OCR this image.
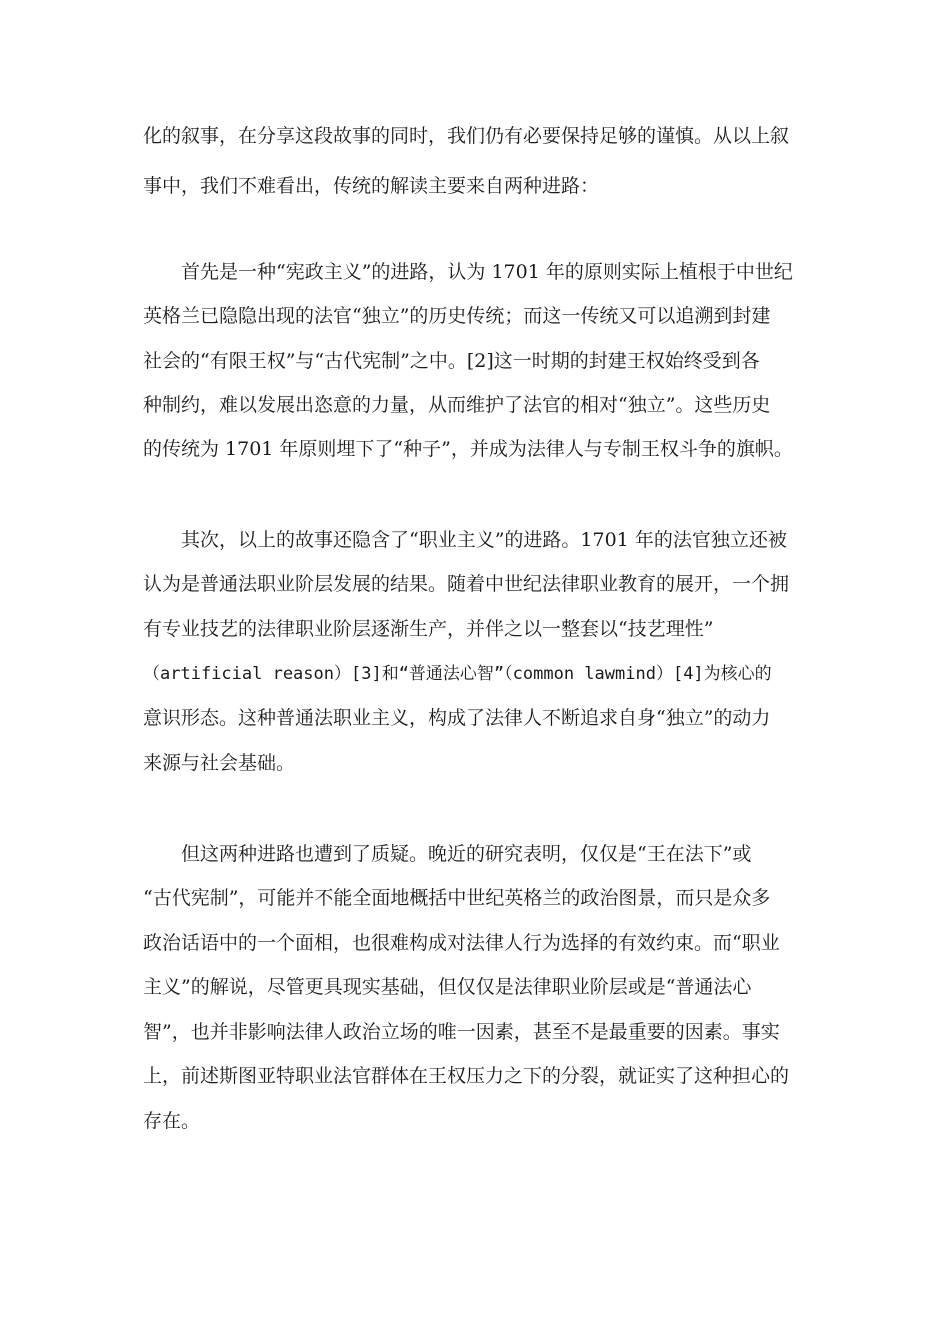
化的叙事，在分享这段故事的同时，我们仍有必要保持足够的谨慎。从以上叙

事中，我们不难看出，传统的解读主要来自两种进路：

　　首先是一种“宪政主义”的进路，认为 1701 年的原则实际上植根于中世纪

英格兰已隐隐出现的法官“独立”的历史传统；而这一传统又可以追溯到封建

社会的“有限王权”与“古代宪制”之中。[2]这一时期的封建王权始终受到各

种制约，难以发展出恣意的力量，从而维护了法官的相对“独立”。这些历史

的传统为 1701 年原则埋下了“种子”，并成为法律人与专制王权斗争的旗帜。

　　其次，以上的故事还隐含了“职业主义”的进路。1701 年的法官独立还被

认为是普通法职业阶层发展的结果。随着中世纪法律职业教育的展开，一个拥

有专业技艺的法律职业阶层逐渐生产，并伴之以一整套以“技艺理性”

（artificial reason）[3]和“普通法心智”（common lawmind）[4]为核心的

意识形态。这种普通法职业主义，构成了法律人不断追求自身“独立”的动力

来源与社会基础。

　　但这两种进路也遭到了质疑。晚近的研究表明，仅仅是“王在法下”或

“古代宪制”，可能并不能全面地概括中世纪英格兰的政治图景，而只是众多

政治话语中的一个面相，也很难构成对法律人行为选择的有效约束。而“职业

主义”的解说，尽管更具现实基础，但仅仅是法律职业阶层或是“普通法心

智”，也并非影响法律人政治立场的唯一因素，甚至不是最重要的因素。事实

上，前述斯图亚特职业法官群体在王权压力之下的分裂，就证实了这种担心的

存在。
